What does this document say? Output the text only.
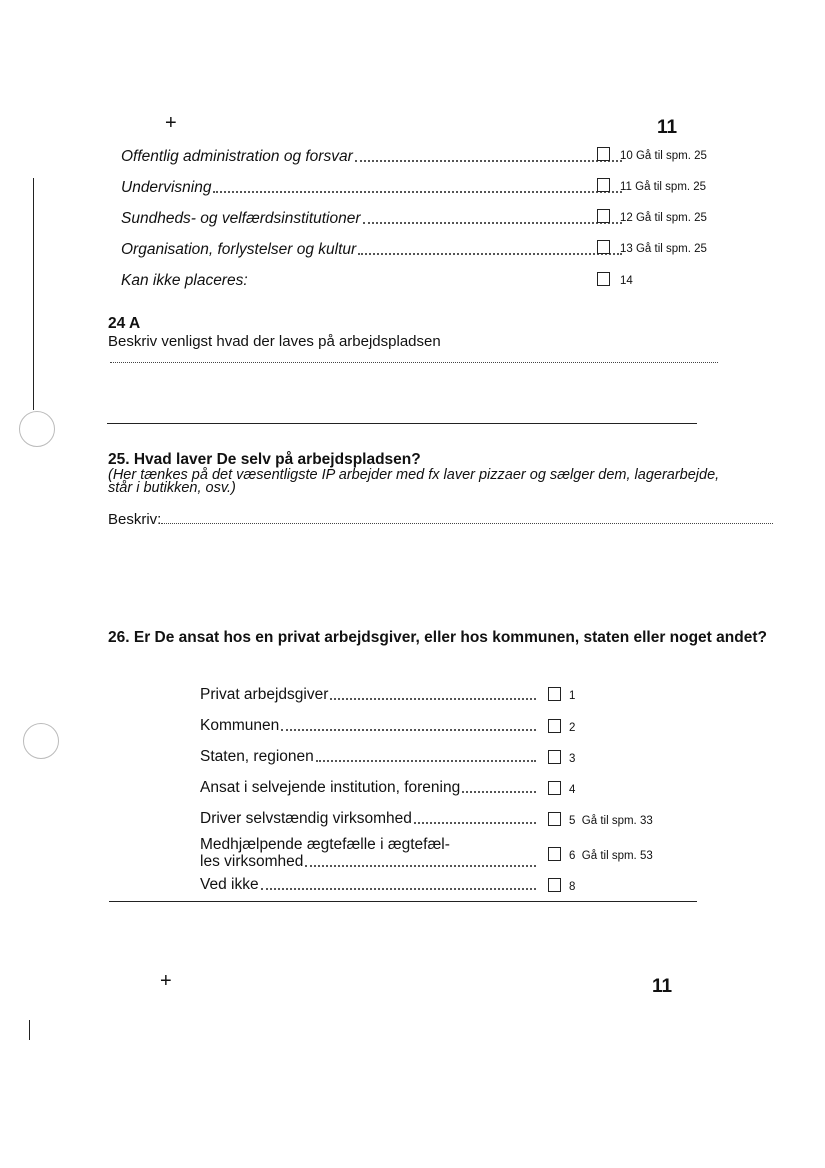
+	11
Offentlig administration og forsvar	10 Gå til spm. 25
Undervisning	11 Gå til spm. 25
Sundheds- og velfærdsinstitutioner	12 Gå til spm. 25
Organisation, forlystelser og kultur	13 Gå til spm. 25
Kan ikke placeres:	14
24 A
Beskriv venligst hvad der laves på arbejdspladsen
25. Hvad laver De selv på arbejdspladsen?
(Her tænkes på det væsentligste IP arbejder med fx laver pizzaer og sælger dem, lagerarbejde,
står i butikken, osv.)
Beskriv:
26. Er De ansat hos en privat arbejdsgiver, eller hos kommunen, staten eller noget andet?
Privat arbejdsgiver	1
Kommunen	2
Staten, regionen	3
Ansat i selvejende institution, forening	4
Driver selvstændig virksomhed	5 Gå til spm. 33
Medhjælpende ægtefælle i ægtefæl-
les virksomhed	6 Gå til spm. 53
Ved ikke	8
+	11
